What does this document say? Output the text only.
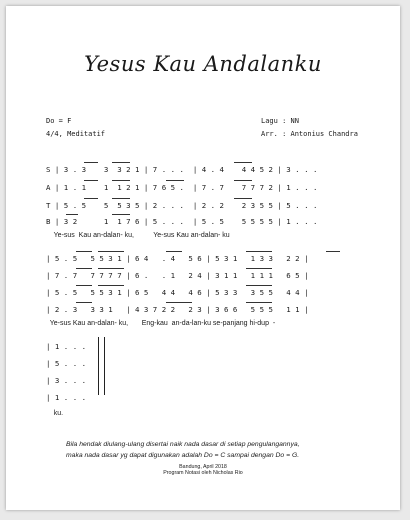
Yesus Kau Andalanku
Do = F
4/4, Meditatif
Lagu : NN
Arr. : Antonius Chandra
S | 3 . 3    3  3 2 1 | 7 . . .  | 4 . 4    4 4 5 2 | 3 . . .
A | 1 . 1    1  1 2 1 | 7 6 5 .  | 7 . 7    7 7 7 2 | 1 . . .
T | 5 . 5    5  5 3 5 | 2 . . .  | 2 . 2    2 3 5 5 | 5 . . .
B | 3 2      1  1 7 6 | 5 . . .  | 5 . 5    5 5 5 5 | 1 . . .
Ye-sus  Kau an-dalan- ku,          Ye-sus Kau an-dalan- ku
| 5 . 5   5 5 3 1 | 6 4   . 4   5 6 | 5 3 1   1 3 3   2 2 |
| 7 . 7   7 7 7 7 | 6 .   . 1   2 4 | 3 1 1   1 1 1   6 5 |
| 5 . 5   5 5 3 1 | 6 5   4 4   4 6 | 5 3 3   3 5 5   4 4 |
| 2 . 3   3 3 1   | 4 3 7 2 2   2 3 | 3 6 6   5 5 5   1 1 |
Ye-sus Kau an-dalan- ku,       Eng-kau  an-da-lan-ku se-panjang hi-dup  -
| 1 . . .
| 5 . . .
| 3 . . .
| 1 . . .
ku.
Bila hendak diulang-ulang disertai naik nada dasar di setiap pengulangannya,
maka nada dasar yg dapat digunakan adalah Do = C sampai dengan Do = G.
Bandung, April 2018
Program Notasi oleh Nicholas Rio
